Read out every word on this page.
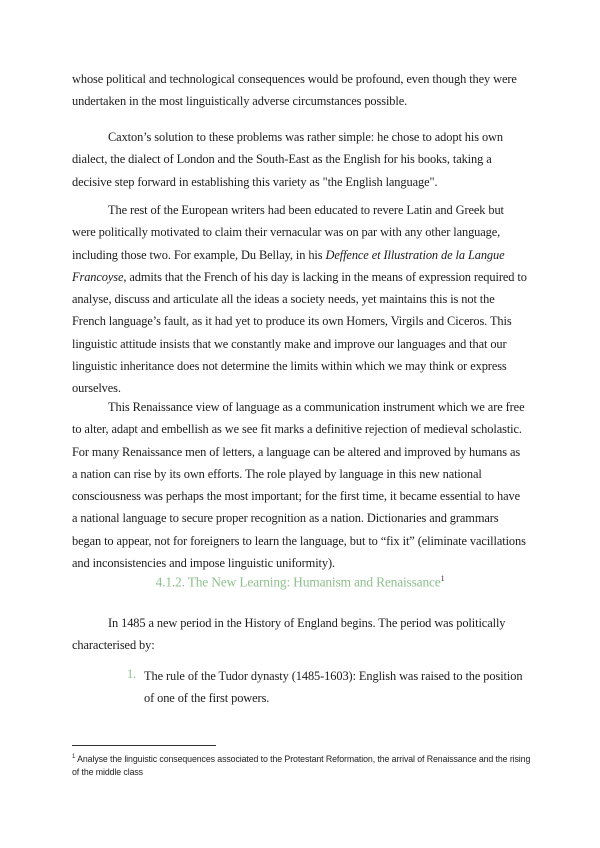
whose political and technological consequences would be profound, even though they were undertaken in the most linguistically adverse circumstances possible.

Caxton’s solution to these problems was rather simple: he chose to adopt his own dialect, the dialect of London and the South-East as the English for his books, taking a decisive step forward in establishing this variety as "the English language".

The rest of the European writers had been educated to revere Latin and Greek but were politically motivated to claim their vernacular was on par with any other language, including those two. For example, Du Bellay, in his Deffence et Illustration de la Langue Francoyse, admits that the French of his day is lacking in the means of expression required to analyse, discuss and articulate all the ideas a society needs, yet maintains this is not the French language’s fault, as it had yet to produce its own Homers, Virgils and Ciceros. This linguistic attitude insists that we constantly make and improve our languages and that our linguistic inheritance does not determine the limits within which we may think or express ourselves.

This Renaissance view of language as a communication instrument which we are free to alter, adapt and embellish as we see fit marks a definitive rejection of medieval scholastic. For many Renaissance men of letters, a language can be altered and improved by humans as a nation can rise by its own efforts. The role played by language in this new national consciousness was perhaps the most important; for the first time, it became essential to have a national language to secure proper recognition as a nation. Dictionaries and grammars began to appear, not for foreigners to learn the language, but to “fix it” (eliminate vacillations and inconsistencies and impose linguistic uniformity).

4.1.2. The New Learning: Humanism and Renaissance$^1$

In 1485 a new period in the History of England begins. The period was politically characterised by:

1. The rule of the Tudor dynasty (1485-1603): English was raised to the position of one of the first powers.

$^1$ Analyse the linguistic consequences associated to the Protestant Reformation, the arrival of Renaissance and the rising of the middle class
